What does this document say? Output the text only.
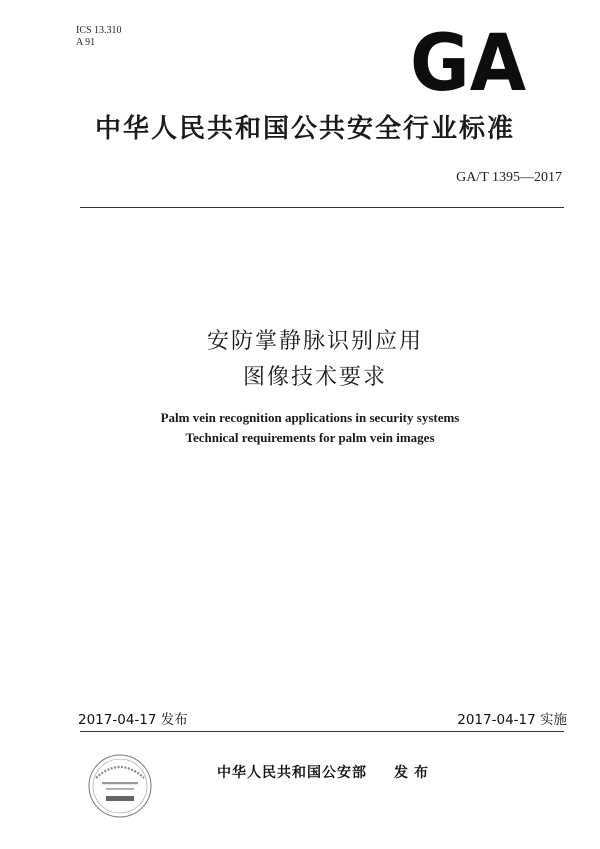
ICS 13.310
A 91	GA
中华人民共和国公共安全行业标准
GA/T 1395—2017
安防掌静脉识别应用
图像技术要求
Palm vein recognition applications in security systems
Technical requirements for palm vein images
2017-04-17 发布	2017-04-17 实施
中华人民共和国公安部 发布
